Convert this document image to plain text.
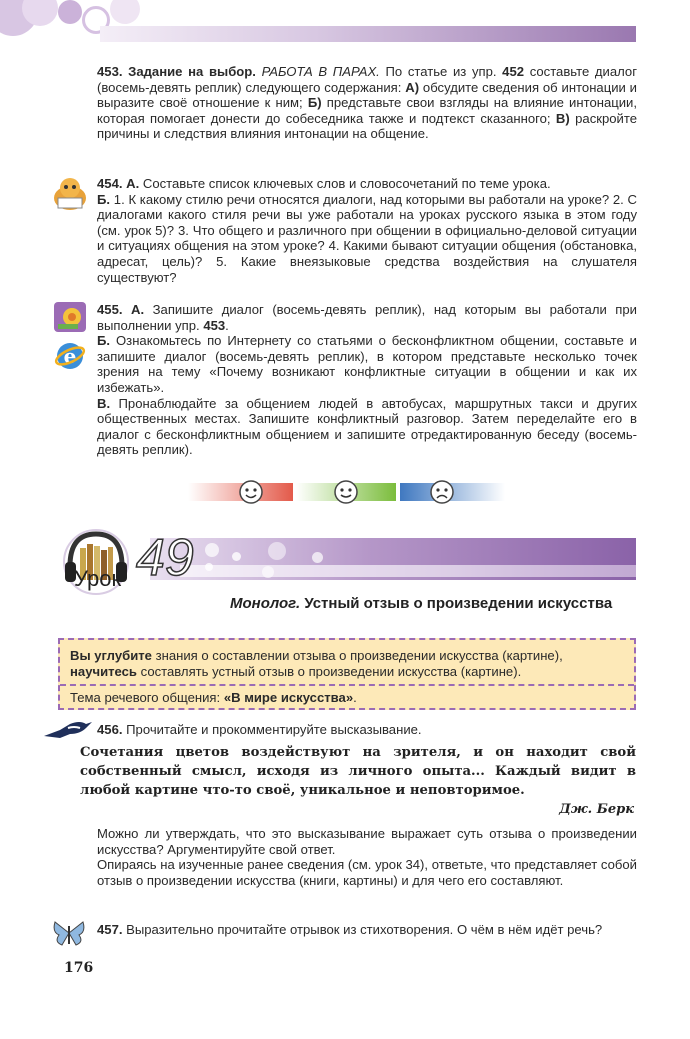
453. Задание на выбор. РАБОТА В ПАРАХ. По статье из упр. 452 составьте диалог (восемь-девять реплик) следующего содержания: А) обсудите сведения об интонации и выразите своё отношение к ним; Б) представьте свои взгляды на влияние интонации, которая помогает донести до собеседника также и подтекст сказанного; В) раскройте причины и следствия влияния интонации на общение.
454. А. Составьте список ключевых слов и словосочетаний по теме урока.
Б. 1. К какому стилю речи относятся диалоги, над которыми вы работали на уроке? 2. С диалогами какого стиля речи вы уже работали на уроках русского языка в этом году (см. урок 5)? 3. Что общего и различного при общении в официально-деловой ситуации и ситуациях общения на этом уроке? 4. Какими бывают ситуации общения (обстановка, адресат, цель)? 5. Какие внеязыковые средства воздействия на слушателя существуют?
e
455. А. Запишите диалог (восемь-девять реплик), над которым вы работали при выполнении упр. 453.
Б. Ознакомьтесь по Интернету со статьями о бесконфликтном общении, составьте и запишите диалог (восемь-девять реплик), в котором представьте несколько точек зрения на тему «Почему возникают конфликтные ситуации в общении и как их избежать».
В. Пронаблюдайте за общением людей в автобусах, маршрутных такси и других общественных местах. Запишите конфликтный разговор. Затем переделайте его в диалог с бесконфликтным общением и запишите отредактированную беседу (восемь-девять реплик).
Урок 49
Монолог. Устный отзыв о произведении искусства
Вы углубите знания о составлении отзыва о произведении искусства (картине), научитесь составлять устный отзыв о произведении искусства (картине).
Тема речевого общения: «В мире искусства».
456. Прочитайте и прокомментируйте высказывание.
Сочетания цветов воздействуют на зрителя, и он находит свой собственный смысл, исходя из личного опыта... Каждый видит в любой картине что-то своё, уникальное и неповторимое.
Дж. Берк
Можно ли утверждать, что это высказывание выражает суть отзыва о произведении искусства? Аргументируйте свой ответ.
Опираясь на изученные ранее сведения (см. урок 34), ответьте, что представляет собой отзыв о произведении искусства (книги, картины) и для чего его составляют.
457. Выразительно прочитайте отрывок из стихотворения. О чём в нём идёт речь?
176
